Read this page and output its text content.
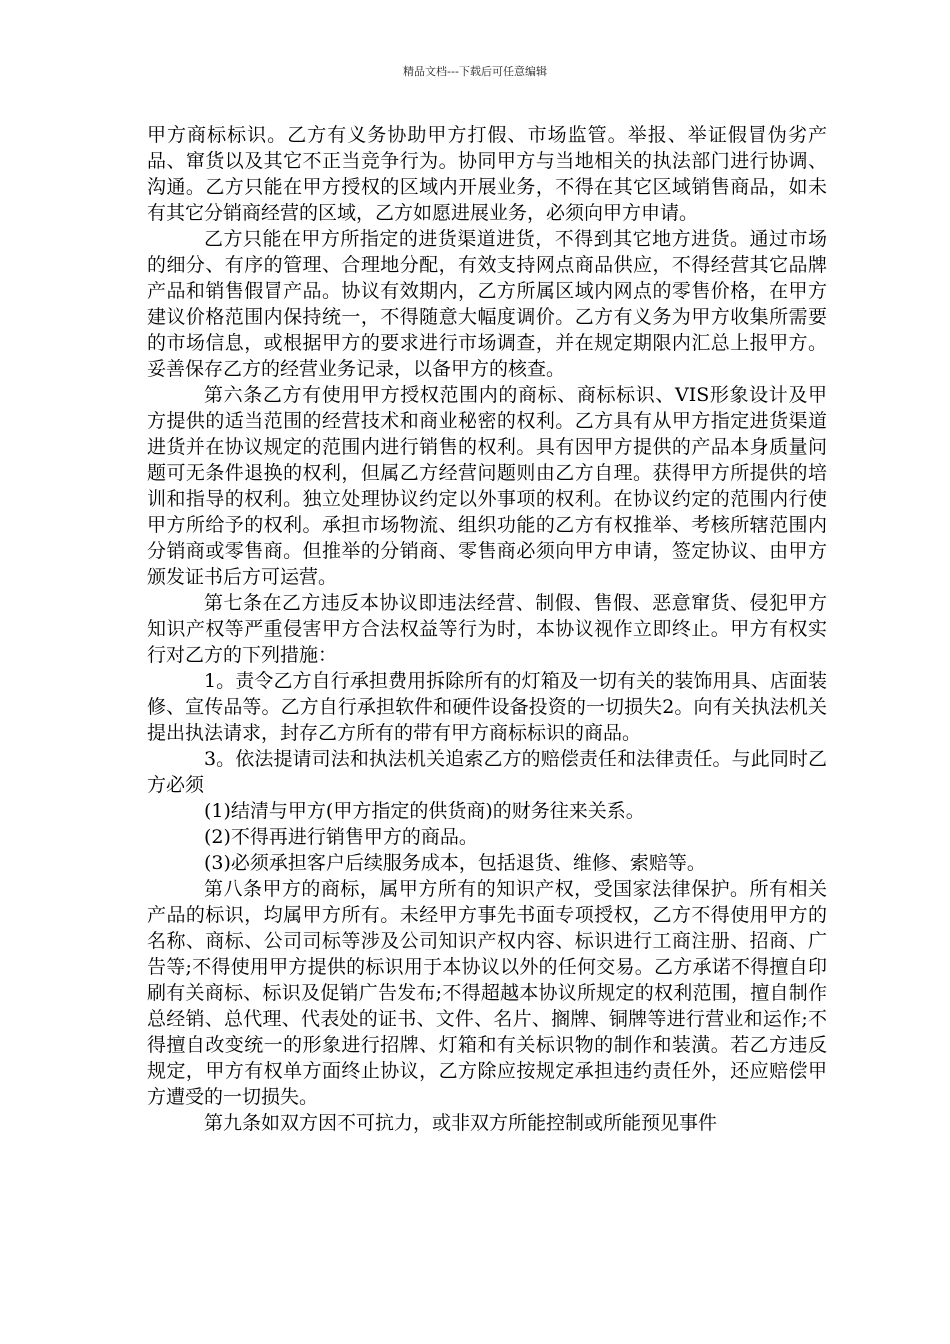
精品文档---下载后可任意编辑

甲方商标标识。乙方有义务协助甲方打假、市场监管。举报、举证假冒伪劣产品、窜货以及其它不正当竞争行为。协同甲方与当地相关的执法部门进行协调、沟通。乙方只能在甲方授权的区域内开展业务，不得在其它区域销售商品，如未有其它分销商经营的区域，乙方如愿进展业务，必须向甲方申请。

乙方只能在甲方所指定的进货渠道进货，不得到其它地方进货。通过市场的细分、有序的管理、合理地分配，有效支持网点商品供应，不得经营其它品牌产品和销售假冒产品。协议有效期内，乙方所属区域内网点的零售价格，在甲方建议价格范围内保持统一，不得随意大幅度调价。乙方有义务为甲方收集所需要的市场信息，或根据甲方的要求进行市场调查，并在规定期限内汇总上报甲方。妥善保存乙方的经营业务记录，以备甲方的核查。

第六条乙方有使用甲方授权范围内的商标、商标标识、VIS形象设计及甲方提供的适当范围的经营技术和商业秘密的权利。乙方具有从甲方指定进货渠道进货并在协议规定的范围内进行销售的权利。具有因甲方提供的产品本身质量问题可无条件退换的权利，但属乙方经营问题则由乙方自理。获得甲方所提供的培训和指导的权利。独立处理协议约定以外事项的权利。在协议约定的范围内行使甲方所给予的权利。承担市场物流、组织功能的乙方有权推举、考核所辖范围内分销商或零售商。但推举的分销商、零售商必须向甲方申请，签定协议、由甲方颁发证书后方可运营。

第七条在乙方违反本协议即违法经营、制假、售假、恶意窜货、侵犯甲方知识产权等严重侵害甲方合法权益等行为时，本协议视作立即终止。甲方有权实行对乙方的下列措施：

1。责令乙方自行承担费用拆除所有的灯箱及一切有关的装饰用具、店面装修、宣传品等。乙方自行承担软件和硬件设备投资的一切损失2。向有关执法机关提出执法请求，封存乙方所有的带有甲方商标标识的商品。

3。依法提请司法和执法机关追索乙方的赔偿责任和法律责任。与此同时乙方必须

(1)结清与甲方(甲方指定的供货商)的财务往来关系。

(2)不得再进行销售甲方的商品。

(3)必须承担客户后续服务成本，包括退货、维修、索赔等。

第八条甲方的商标，属甲方所有的知识产权，受国家法律保护。所有相关产品的标识，均属甲方所有。未经甲方事先书面专项授权，乙方不得使用甲方的名称、商标、公司司标等涉及公司知识产权内容、标识进行工商注册、招商、广告等;不得使用甲方提供的标识用于本协议以外的任何交易。乙方承诺不得擅自印刷有关商标、标识及促销广告发布;不得超越本协议所规定的权利范围，擅自制作总经销、总代理、代表处的证书、文件、名片、搁牌、铜牌等进行营业和运作;不得擅自改变统一的形象进行招牌、灯箱和有关标识物的制作和装潢。若乙方违反规定，甲方有权单方面终止协议，乙方除应按规定承担违约责任外，还应赔偿甲方遭受的一切损失。

第九条如双方因不可抗力，或非双方所能控制或所能预见事件
